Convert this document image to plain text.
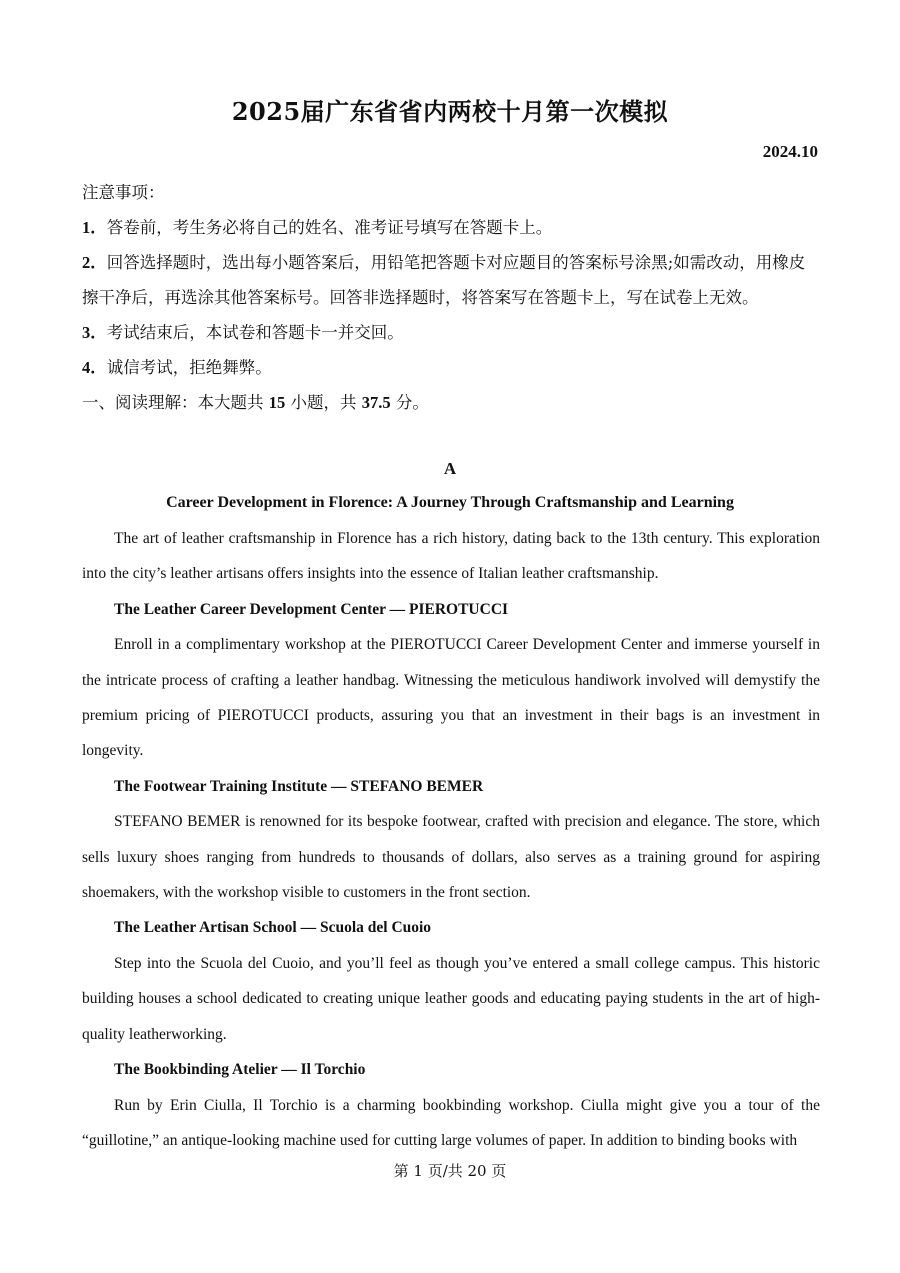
2025届广东省省内两校十月第一次模拟
2024.10

注意事项：

1．答卷前，考生务必将自己的姓名、准考证号填写在答题卡上。

2．回答选择题时，选出每小题答案后，用铅笔把答题卡对应题目的答案标号涂黑;如需改动，用橡皮擦干净后，再选涂其他答案标号。回答非选择题时，将答案写在答题卡上，写在试卷上无效。

3．考试结束后，本试卷和答题卡一并交回。

4．诚信考试，拒绝舞弊。

一、阅读理解：本大题共 15 小题，共 37.5 分。

A
Career Development in Florence: A Journey Through Craftsmanship and Learning

The art of leather craftsmanship in Florence has a rich history, dating back to the 13th century. This exploration into the city’s leather artisans offers insights into the essence of Italian leather craftsmanship.

The Leather Career Development Center — PIEROTUCCI

Enroll in a complimentary workshop at the PIEROTUCCI Career Development Center and immerse yourself in the intricate process of crafting a leather handbag. Witnessing the meticulous handiwork involved will demystify the premium pricing of PIEROTUCCI products, assuring you that an investment in their bags is an investment in longevity.

The Footwear Training Institute — STEFANO BEMER

STEFANO BEMER is renowned for its bespoke footwear, crafted with precision and elegance. The store, which sells luxury shoes ranging from hundreds to thousands of dollars, also serves as a training ground for aspiring shoemakers, with the workshop visible to customers in the front section.

The Leather Artisan School — Scuola del Cuoio

Step into the Scuola del Cuoio, and you’ll feel as though you’ve entered a small college campus. This historic building houses a school dedicated to creating unique leather goods and educating paying students in the art of high-quality leatherworking.

The Bookbinding Atelier — Il Torchio

Run by Erin Ciulla, Il Torchio is a charming bookbinding workshop. Ciulla might give you a tour of the “guillotine,” an antique-looking machine used for cutting large volumes of paper. In addition to binding books with

第 1 页/共 20 页
